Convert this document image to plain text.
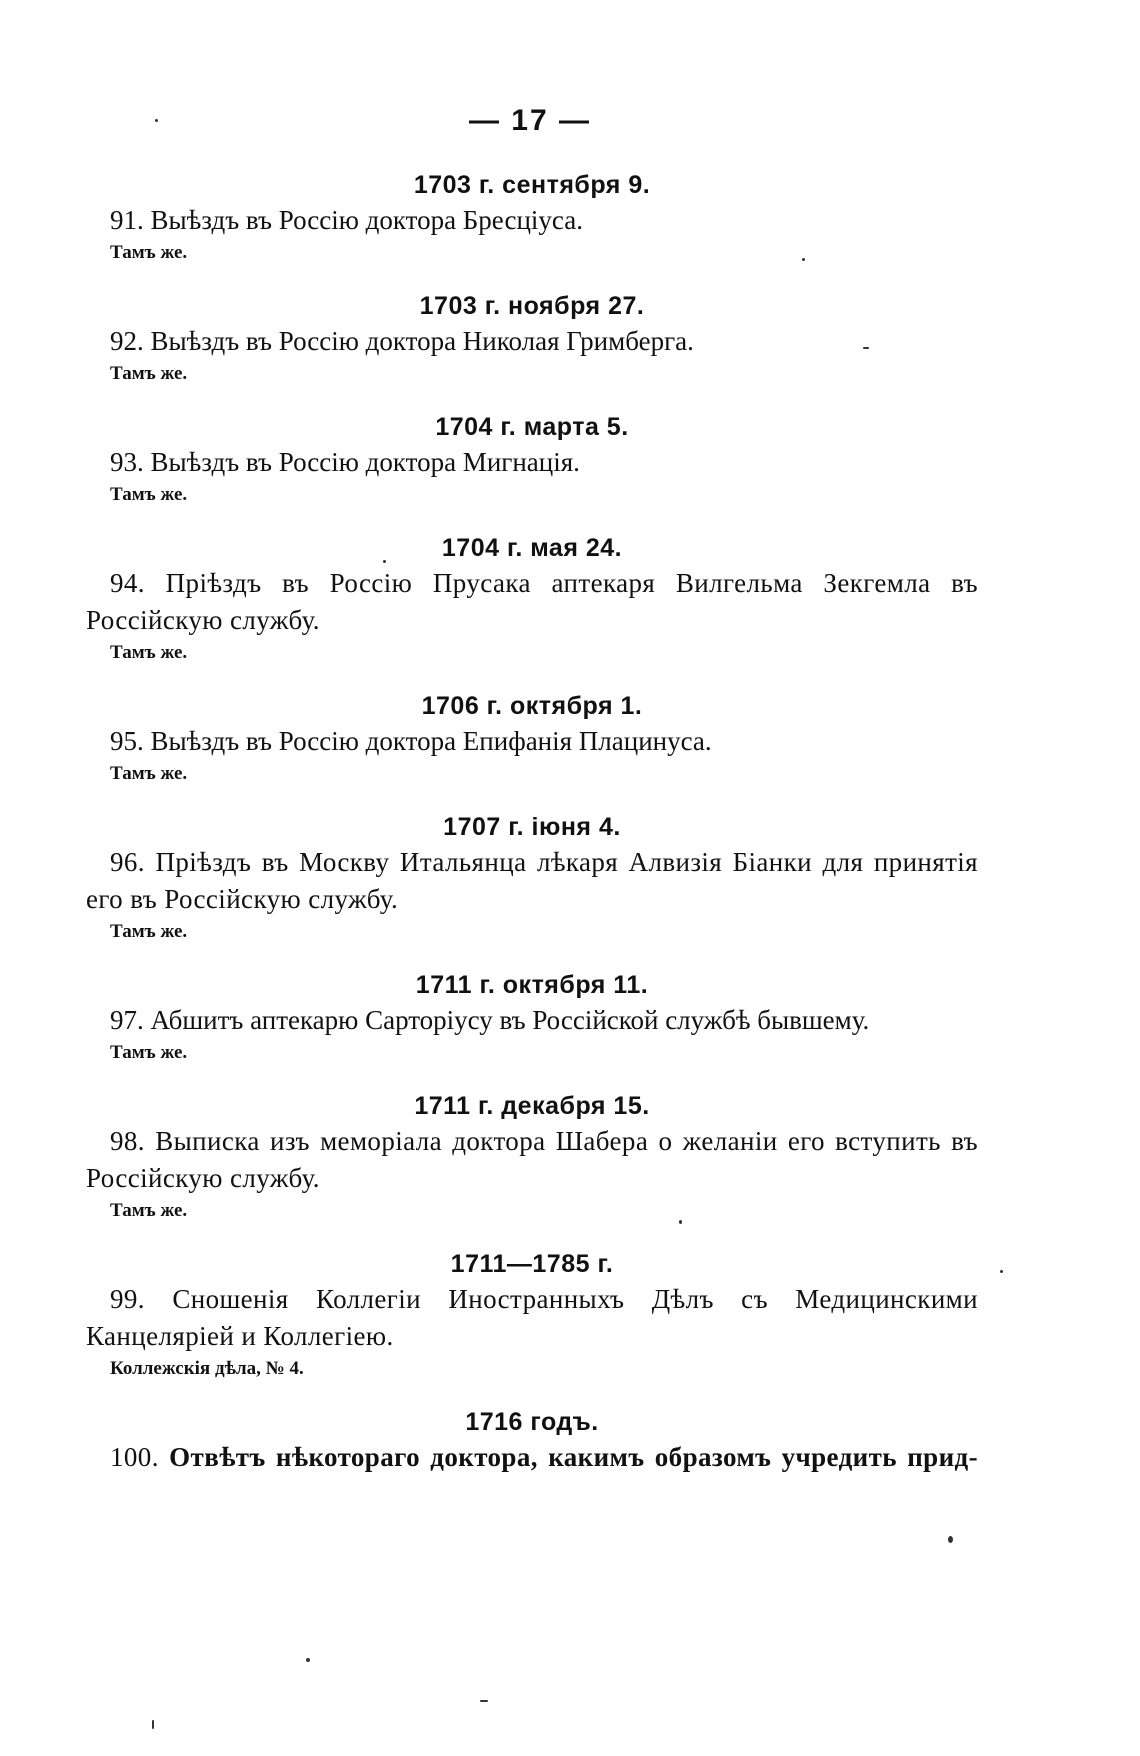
— 17 —
1703 г. сентября 9.
91. Выѣздъ въ Россію доктора Бресціуса.
Тамъ же.
1703 г. ноября 27.
92. Выѣздъ въ Россію доктора Николая Гримберга.
Тамъ же.
1704 г. марта 5.
93. Выѣздъ въ Россію доктора Мигнація.
Тамъ же.
1704 г. мая 24.
94. Пріѣздъ въ Россію Прусака аптекаря Вилгельма Зекгемла въ Россійскую службу.
Тамъ же.
1706 г. октября 1.
95. Выѣздъ въ Россію доктора Епифанія Плацинуса.
Тамъ же.
1707 г. іюня 4.
96. Пріѣздъ въ Москву Итальянца лѣкаря Алвизія Біанки для принятія его въ Россійскую службу.
Тамъ же.
1711 г. октября 11.
97. Абшитъ аптекарю Сарторіусу въ Россійской службѣ бывшему.
Тамъ же.
1711 г. декабря 15.
98. Выписка изъ меморіала доктора Шабера о желаніи его вступить въ Россійскую службу.
Тамъ же.
1711—1785 г.
99. Сношенія Коллегіи Иностранныхъ Дѣлъ съ Медицинскими Канцеляріей и Коллегіею.
Коллежскія дѣла, № 4.
1716 годъ.
100. Отвѣтъ нѣкотораго доктора, какимъ образомъ учредить прид-
